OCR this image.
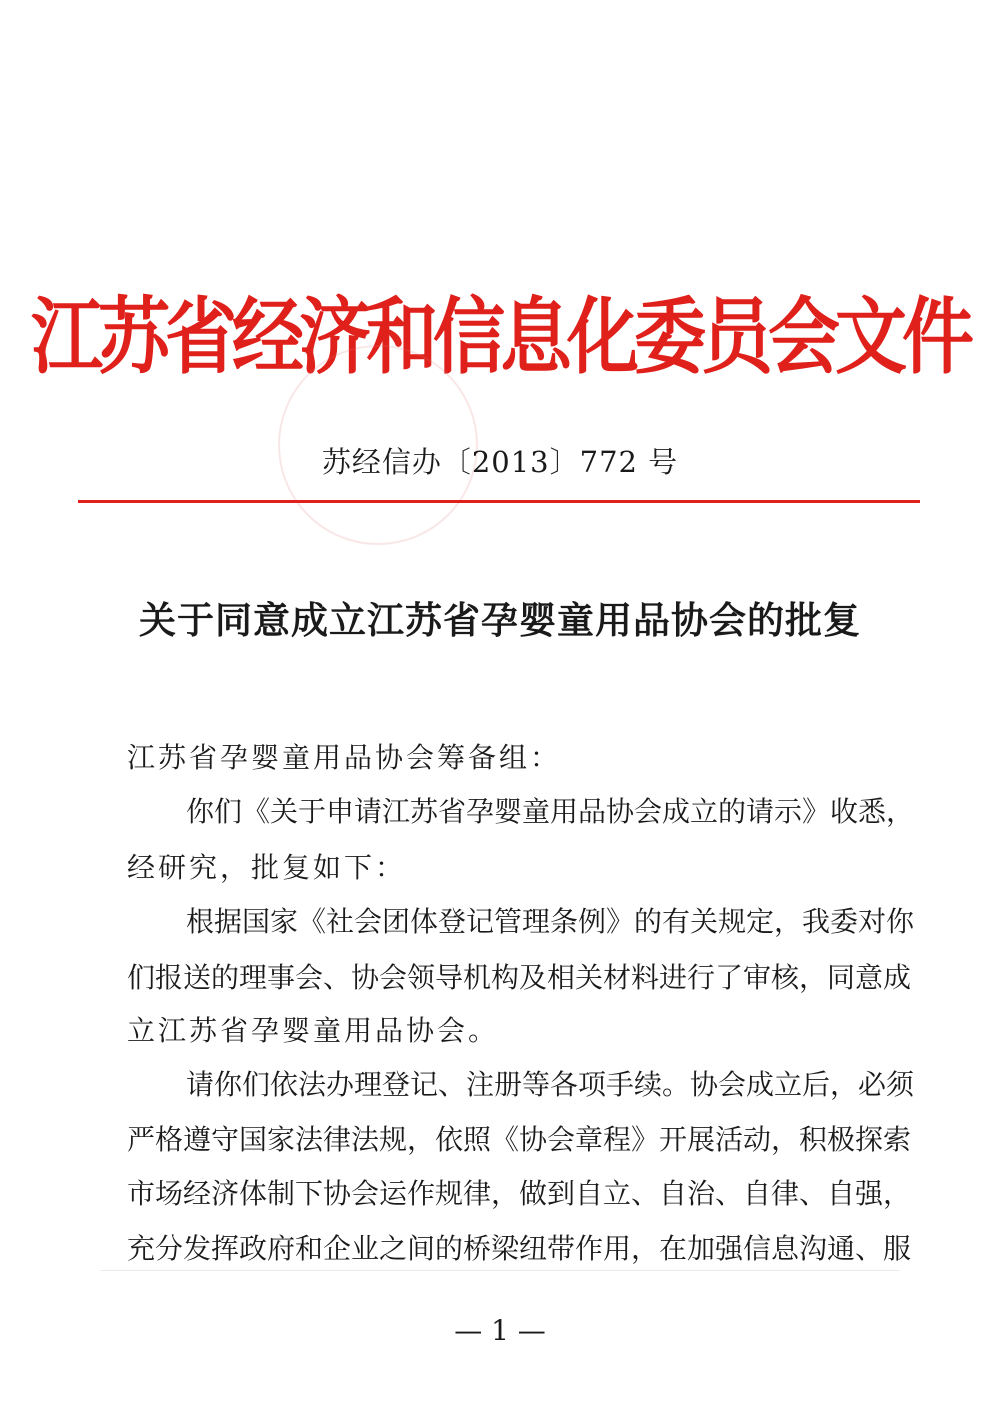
江苏省经济和信息化委员会文件
苏经信办〔2013〕772 号
关于同意成立江苏省孕婴童用品协会的批复
江苏省孕婴童用品协会筹备组：
你们《关于申请江苏省孕婴童用品协会成立的请示》收悉，
经研究，批复如下：
根据国家《社会团体登记管理条例》的有关规定，我委对你
们报送的理事会、协会领导机构及相关材料进行了审核，同意成
立江苏省孕婴童用品协会。
请你们依法办理登记、注册等各项手续。协会成立后，必须
严格遵守国家法律法规，依照《协会章程》开展活动，积极探索
市场经济体制下协会运作规律，做到自立、自治、自律、自强，
充分发挥政府和企业之间的桥梁纽带作用，在加强信息沟通、服
— 1 —
